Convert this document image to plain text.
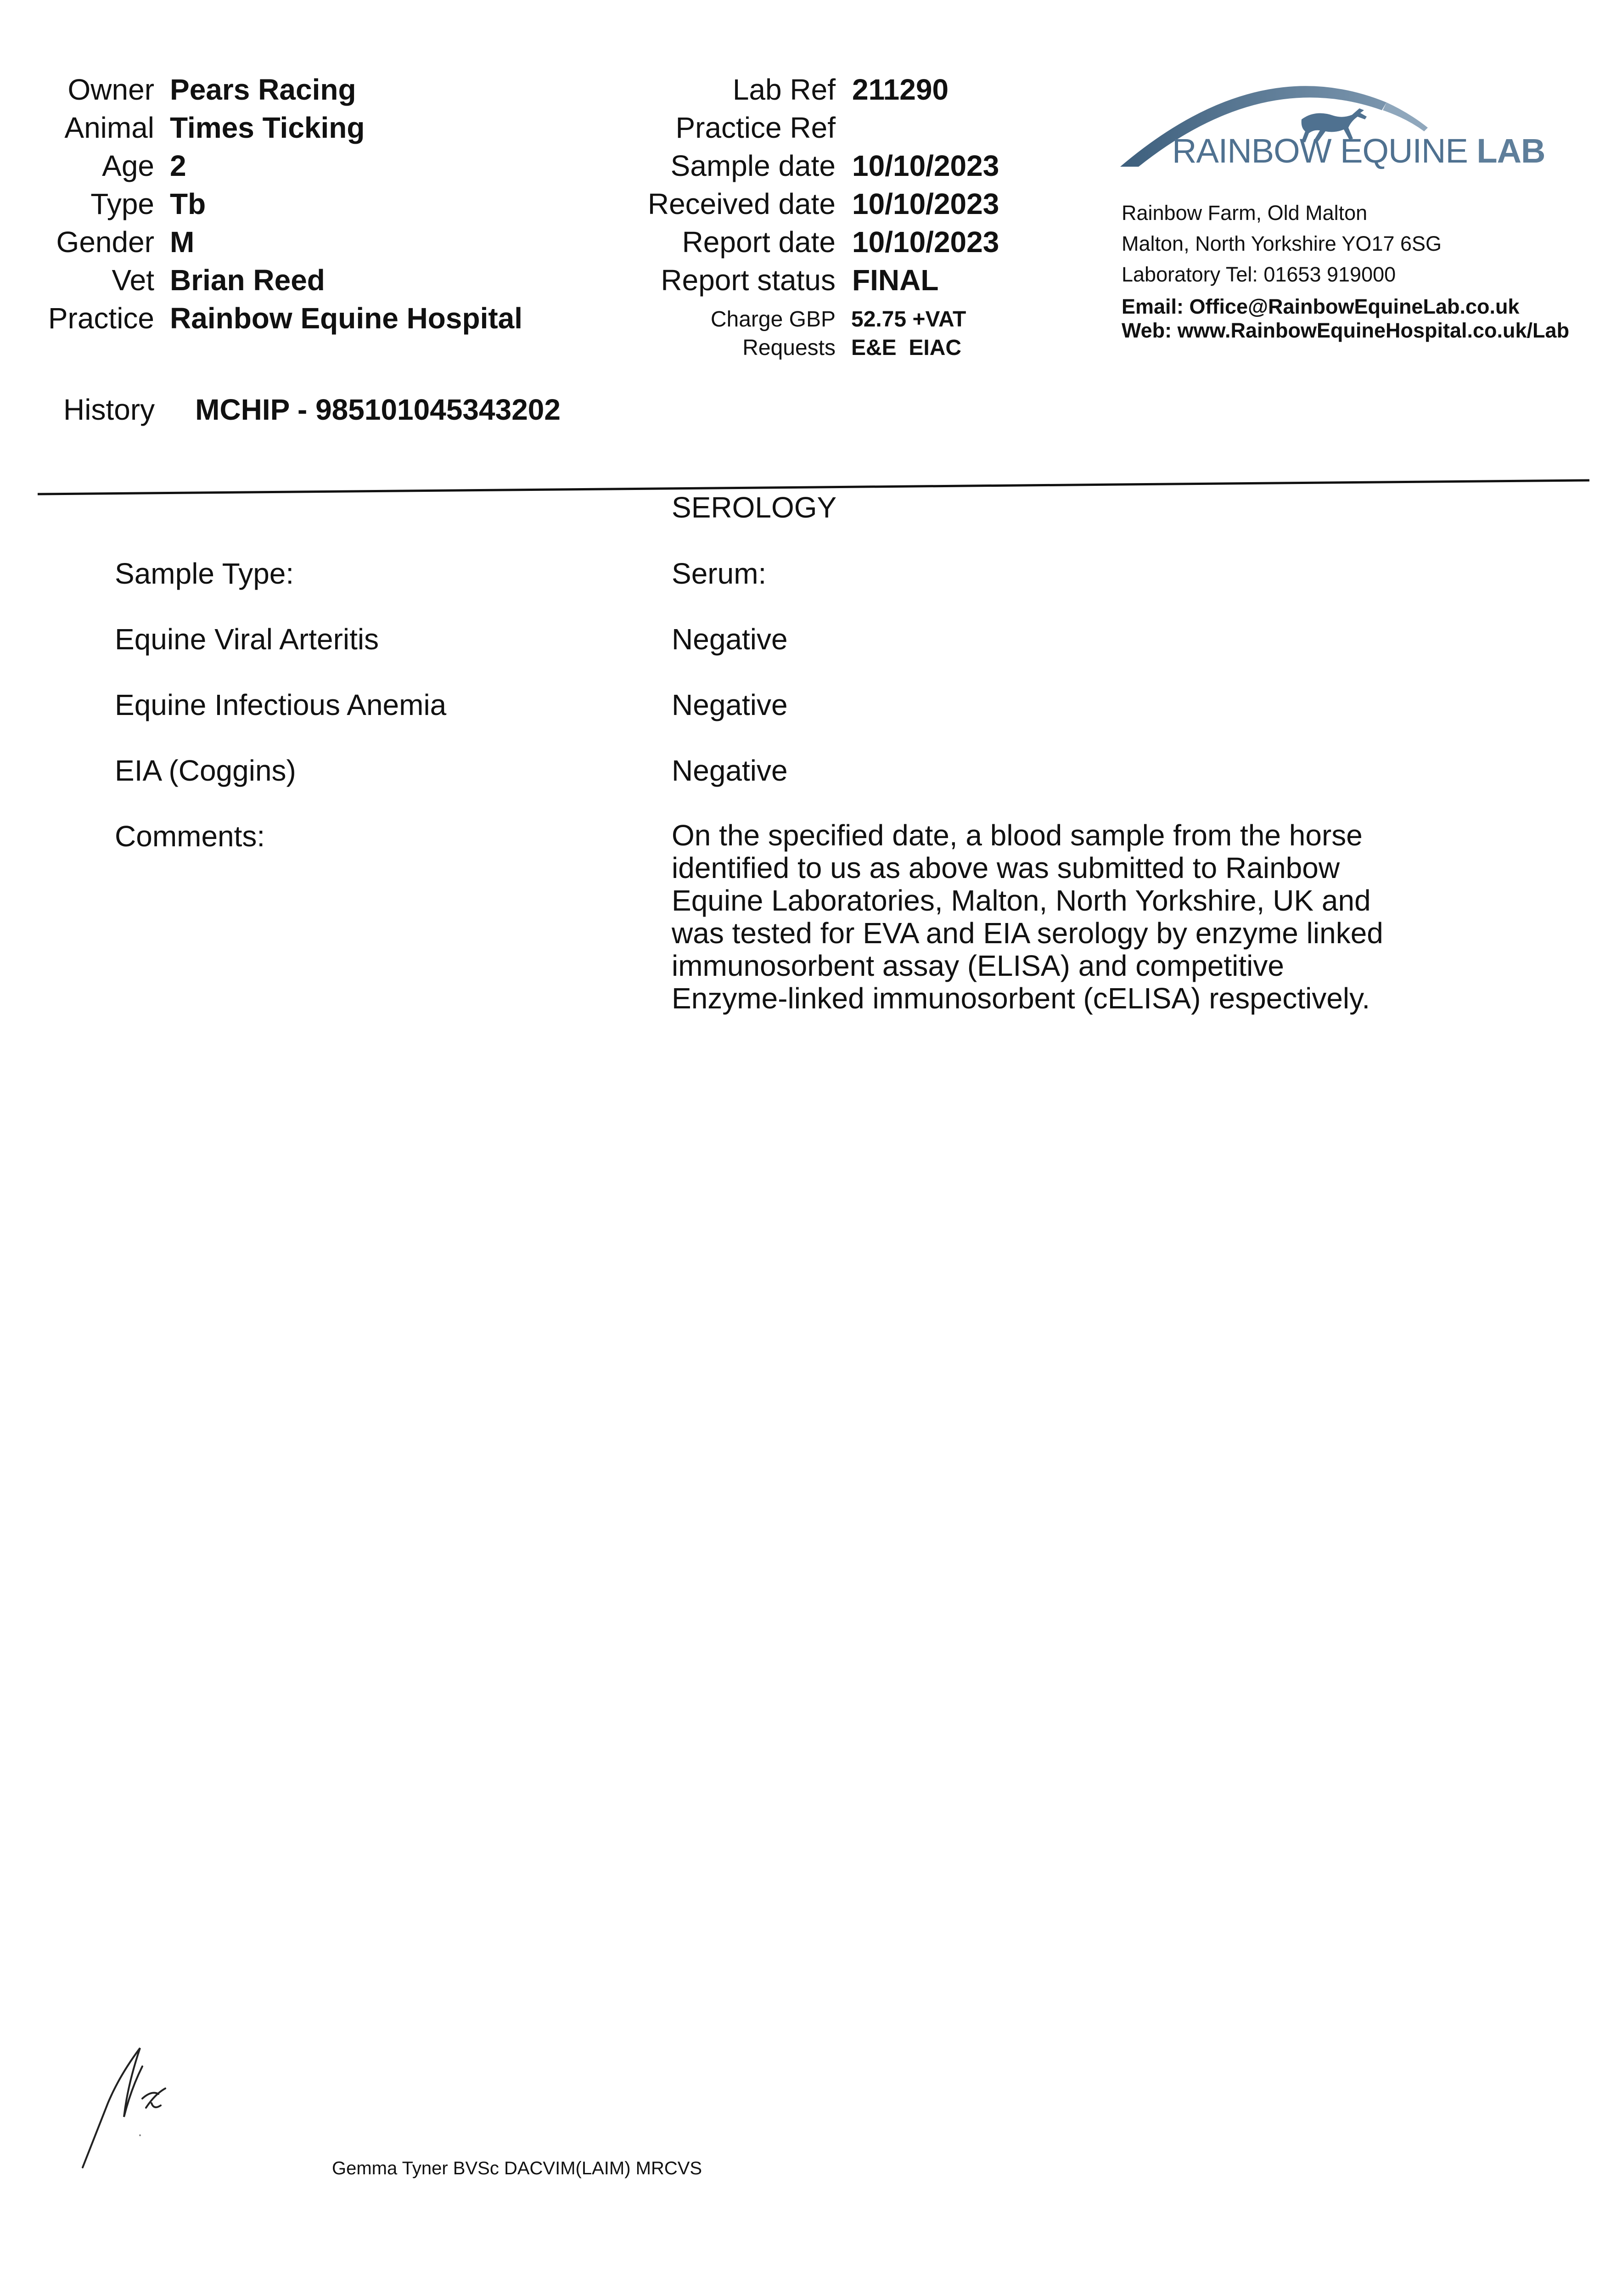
Owner Pears Racing
Animal Times Ticking
Age 2
Type Tb
Gender M
Vet Brian Reed
Practice Rainbow Equine Hospital
Lab Ref 211290
Practice Ref
Sample date 10/10/2023
Received date 10/10/2023
Report date 10/10/2023
Report status FINAL
Charge GBP 52.75 +VAT
Requests E&E  EIAC
RAINBOW EQUINE LAB
Rainbow Farm, Old Malton
Malton, North Yorkshire YO17 6SG
Laboratory Tel: 01653 919000
Email: Office@RainbowEquineLab.co.uk
Web: www.RainbowEquineHospital.co.uk/Lab
History MCHIP - 985101045343202
SEROLOGY
Sample Type:	Serum:
Equine Viral Arteritis	Negative
Equine Infectious Anemia	Negative
EIA (Coggins)	Negative
Comments:	On the specified date, a blood sample from the horse
identified to us as above was submitted to Rainbow
Equine Laboratories, Malton, North Yorkshire, UK and
was tested for EVA and EIA serology by enzyme linked
immunosorbent assay (ELISA) and competitive
Enzyme-linked immunosorbent (cELISA) respectively.
Gemma Tyner BVSc DACVIM(LAIM) MRCVS
